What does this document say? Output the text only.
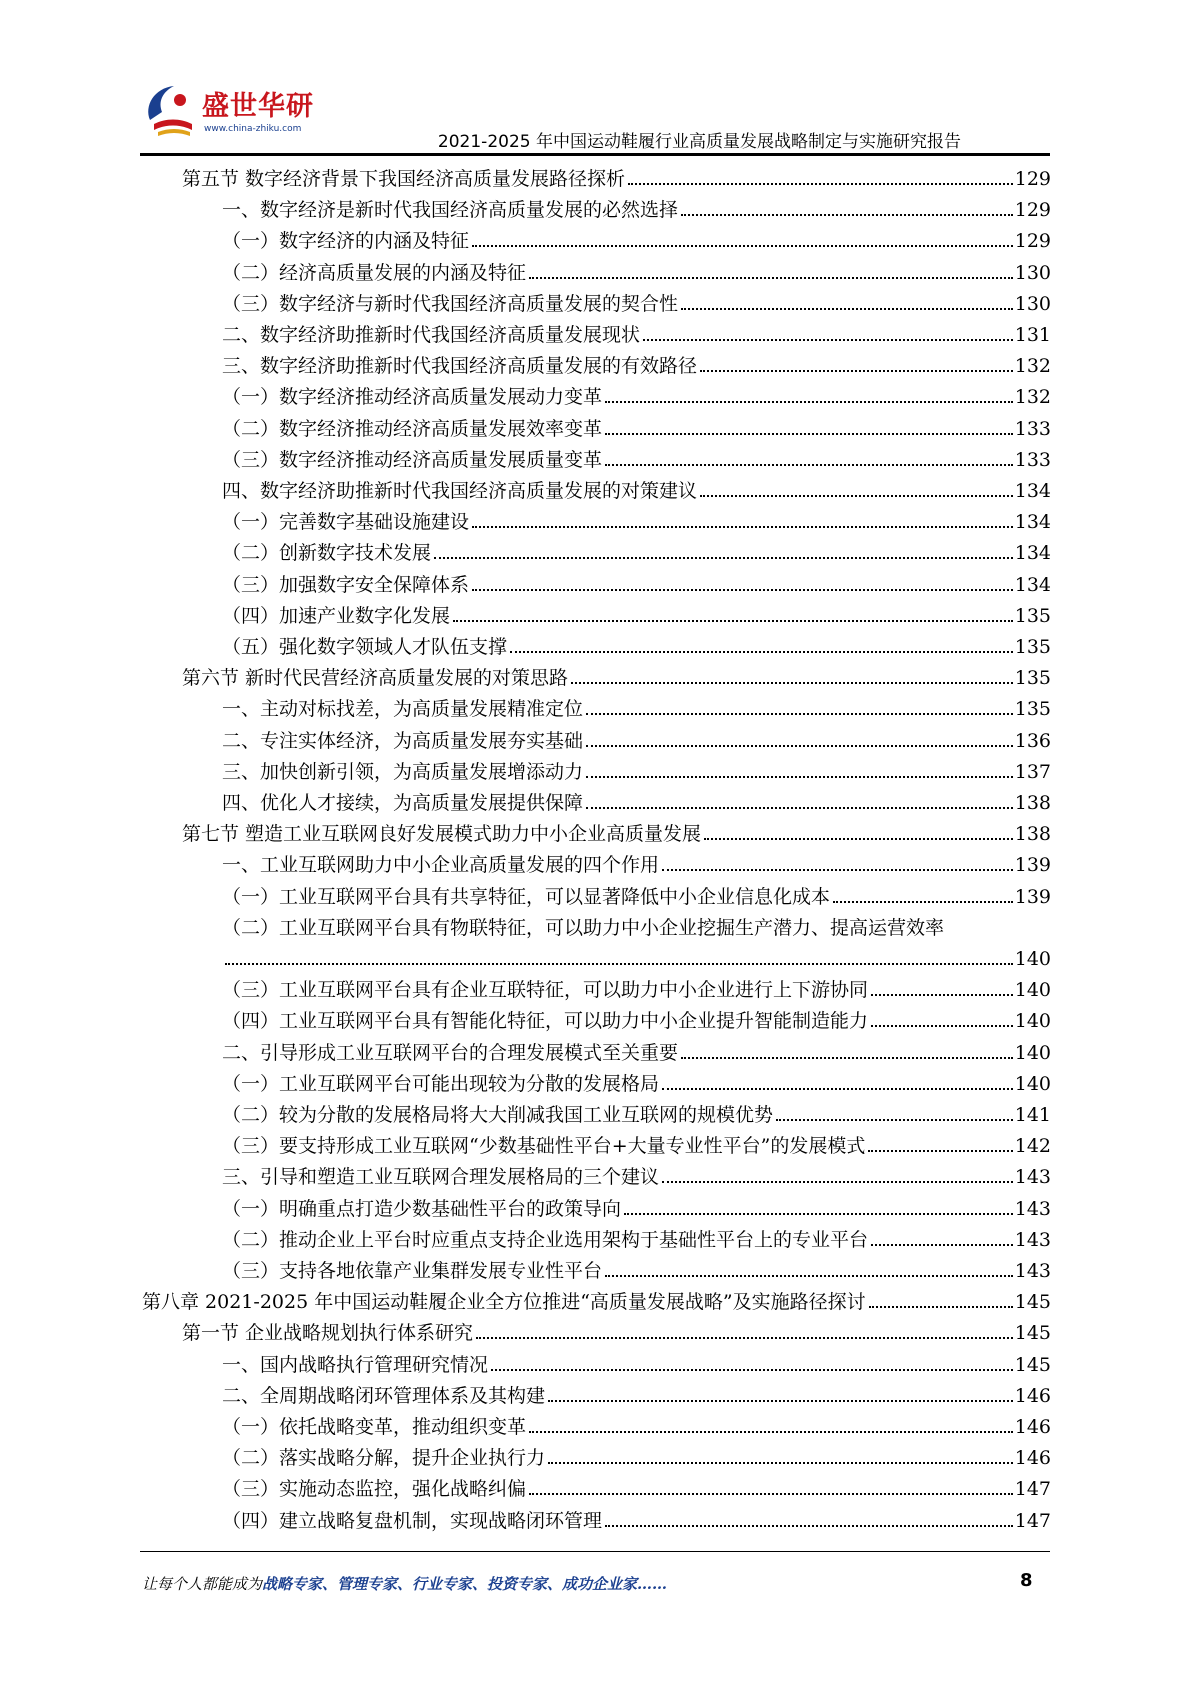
盛世华研
www.china-zhiku.com
2021-2025 年中国运动鞋履行业高质量发展战略制定与实施研究报告
第五节 数字经济背景下我国经济高质量发展路径探析	129
一、数字经济是新时代我国经济高质量发展的必然选择	129
（一）数字经济的内涵及特征	129
（二）经济高质量发展的内涵及特征	130
（三）数字经济与新时代我国经济高质量发展的契合性	130
二、数字经济助推新时代我国经济高质量发展现状	131
三、数字经济助推新时代我国经济高质量发展的有效路径	132
（一）数字经济推动经济高质量发展动力变革	132
（二）数字经济推动经济高质量发展效率变革	133
（三）数字经济推动经济高质量发展质量变革	133
四、数字经济助推新时代我国经济高质量发展的对策建议	134
（一）完善数字基础设施建设	134
（二）创新数字技术发展	134
（三）加强数字安全保障体系	134
（四）加速产业数字化发展	135
（五）强化数字领域人才队伍支撑	135
第六节 新时代民营经济高质量发展的对策思路	135
一、主动对标找差，为高质量发展精准定位	135
二、专注实体经济，为高质量发展夯实基础	136
三、加快创新引领，为高质量发展增添动力	137
四、优化人才接续，为高质量发展提供保障	138
第七节 塑造工业互联网良好发展模式助力中小企业高质量发展	138
一、工业互联网助力中小企业高质量发展的四个作用	139
（一）工业互联网平台具有共享特征，可以显著降低中小企业信息化成本	139
（二）工业互联网平台具有物联特征，可以助力中小企业挖掘生产潜力、提高运营效率
140
（三）工业互联网平台具有企业互联特征，可以助力中小企业进行上下游协同	140
（四）工业互联网平台具有智能化特征，可以助力中小企业提升智能制造能力	140
二、引导形成工业互联网平台的合理发展模式至关重要	140
（一）工业互联网平台可能出现较为分散的发展格局	140
（二）较为分散的发展格局将大大削减我国工业互联网的规模优势	141
（三）要支持形成工业互联网“少数基础性平台+大量专业性平台”的发展模式	142
三、引导和塑造工业互联网合理发展格局的三个建议	143
（一）明确重点打造少数基础性平台的政策导向	143
（二）推动企业上平台时应重点支持企业选用架构于基础性平台上的专业平台	143
（三）支持各地依靠产业集群发展专业性平台	143
第八章 2021-2025 年中国运动鞋履企业全方位推进“高质量发展战略”及实施路径探讨	145
第一节 企业战略规划执行体系研究	145
一、国内战略执行管理研究情况	145
二、全周期战略闭环管理体系及其构建	146
（一）依托战略变革，推动组织变革	146
（二）落实战略分解，提升企业执行力	146
（三）实施动态监控，强化战略纠偏	147
（四）建立战略复盘机制，实现战略闭环管理	147
让每个人都能成为战略专家、管理专家、行业专家、投资专家、成功企业家……	8
